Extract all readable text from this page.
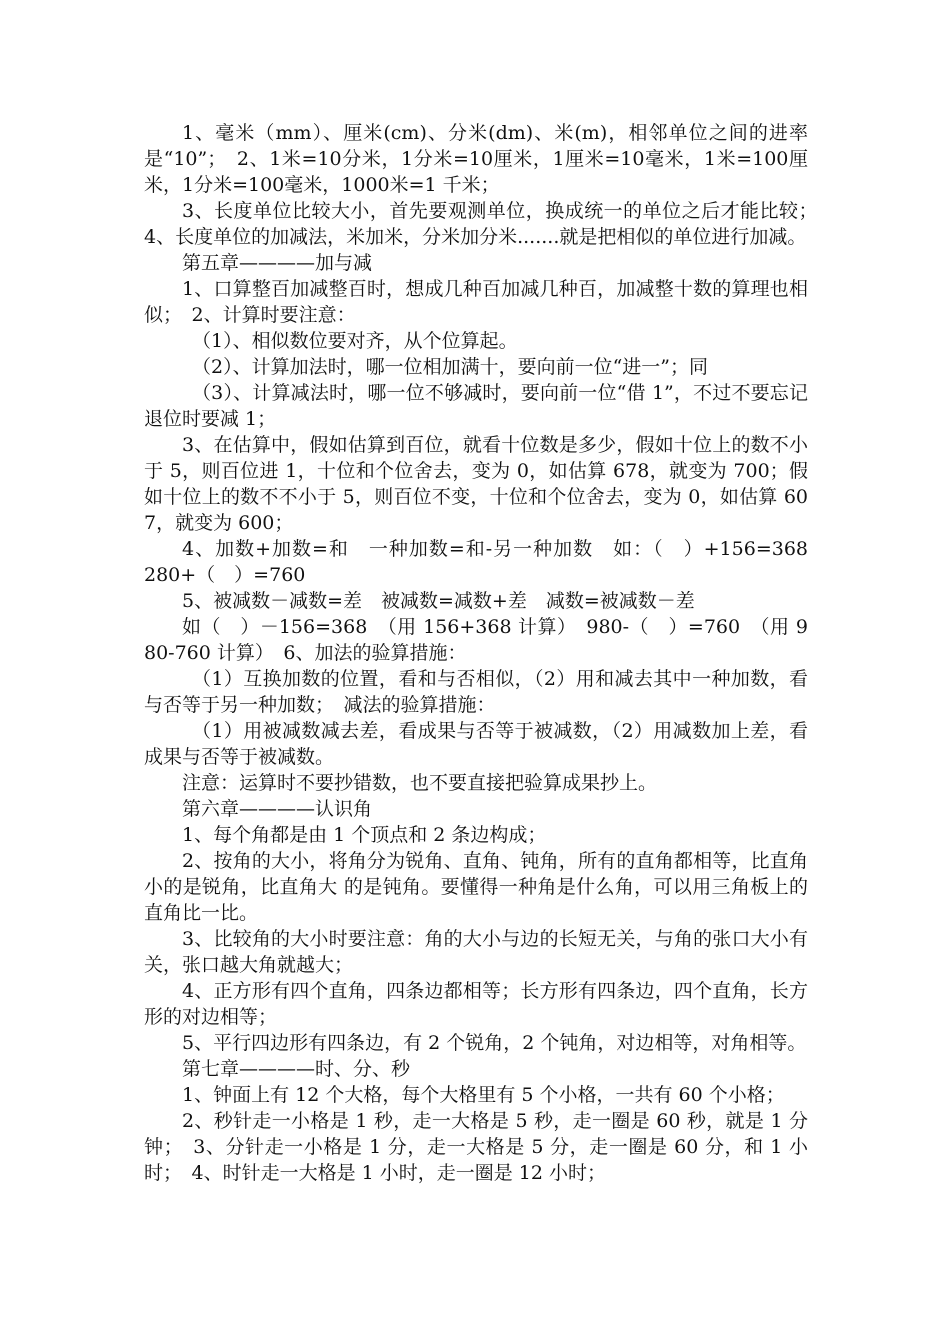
1、毫米（mm）、厘米(cm)、分米(dm)、米(m)，相邻单位之间的进率是“10”；　2、1米=10分米，1分米=10厘米，1厘米=10毫米，1米=100厘米，1分米=100毫米，1000米=1 千米；

3、长度单位比较大小，首先要观测单位，换成统一的单位之后才能比较；　4、长度单位的加减法，米加米，分米加分米.......就是把相似的单位进行加减。

第五章————加与减

1、口算整百加减整百时，想成几种百加减几种百，加减整十数的算理也相似；　2、计算时要注意：

（1）、相似数位要对齐，从个位算起。

（2）、计算加法时，哪一位相加满十，要向前一位“进一”；同

（3）、计算减法时，哪一位不够减时，要向前一位“借 1”，不过不要忘记退位时要减 1；

3、在估算中，假如估算到百位，就看十位数是多少，假如十位上的数不小于 5，则百位进 1，十位和个位舍去，变为 0，如估算 678，就变为 700；假如十位上的数不不小于 5，则百位不变，十位和个位舍去，变为 0，如估算 607，就变为 600；

4、加数+加数=和　一种加数=和-另一种加数　如：（　）+156=368　280+（　）=760

5、被减数－减数=差　被减数=减数+差　减数=被减数－差

如（　）－156=368　（用 156+368 计算）　980-（　）=760　（用 980-760 计算）　6、加法的验算措施：

（1）互换加数的位置，看和与否相似，（2）用和减去其中一种加数，看与否等于另一种加数；　减法的验算措施：

（1）用被减数减去差，看成果与否等于被减数，（2）用减数加上差，看成果与否等于被减数。

注意：运算时不要抄错数，也不要直接把验算成果抄上。

第六章————认识角

1、每个角都是由 1 个顶点和 2 条边构成；

2、按角的大小，将角分为锐角、直角、钝角，所有的直角都相等，比直角小的是锐角，比直角大 的是钝角。要懂得一种角是什么角，可以用三角板上的直角比一比。

3、比较角的大小时要注意：角的大小与边的长短无关，与角的张口大小有关，张口越大角就越大；

4、正方形有四个直角，四条边都相等；长方形有四条边，四个直角，长方形的对边相等；

5、平行四边形有四条边，有 2 个锐角，2 个钝角，对边相等，对角相等。

第七章————时、分、秒

1、钟面上有 12 个大格，每个大格里有 5 个小格，一共有 60 个小格；

2、秒针走一小格是 1 秒，走一大格是 5 秒，走一圈是 60 秒，就是 1 分钟；　3、分针走一小格是 1 分，走一大格是 5 分，走一圈是 60 分，和 1 小时；　4、时针走一大格是 1 小时，走一圈是 12 小时；
